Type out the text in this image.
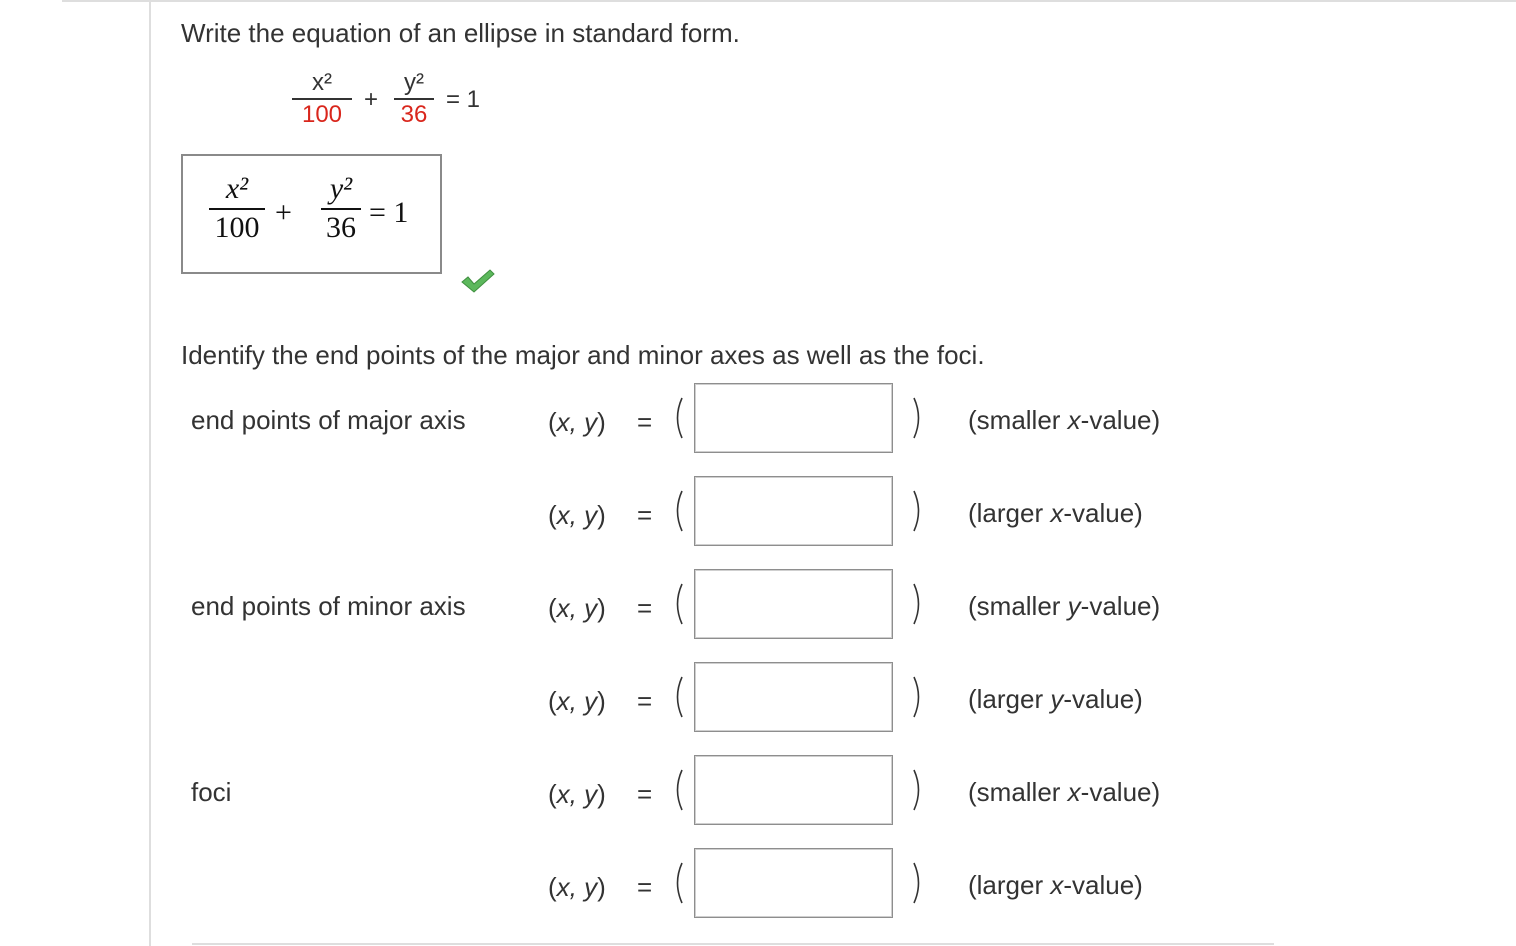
Write the equation of an ellipse in standard form.
x²
100
+
y²
36
= 1
x²
100 +
y²
36 = 1
Identify the end points of the major and minor axes as well as the foci.
end points of major axis	(x, y) =	(smaller x-value)
(x, y) =	(larger x-value)
end points of minor axis	(x, y) =	(smaller y-value)
(x, y) =	(larger y-value)
foci	(x, y) =	(smaller x-value)
(x, y) =	(larger x-value)
